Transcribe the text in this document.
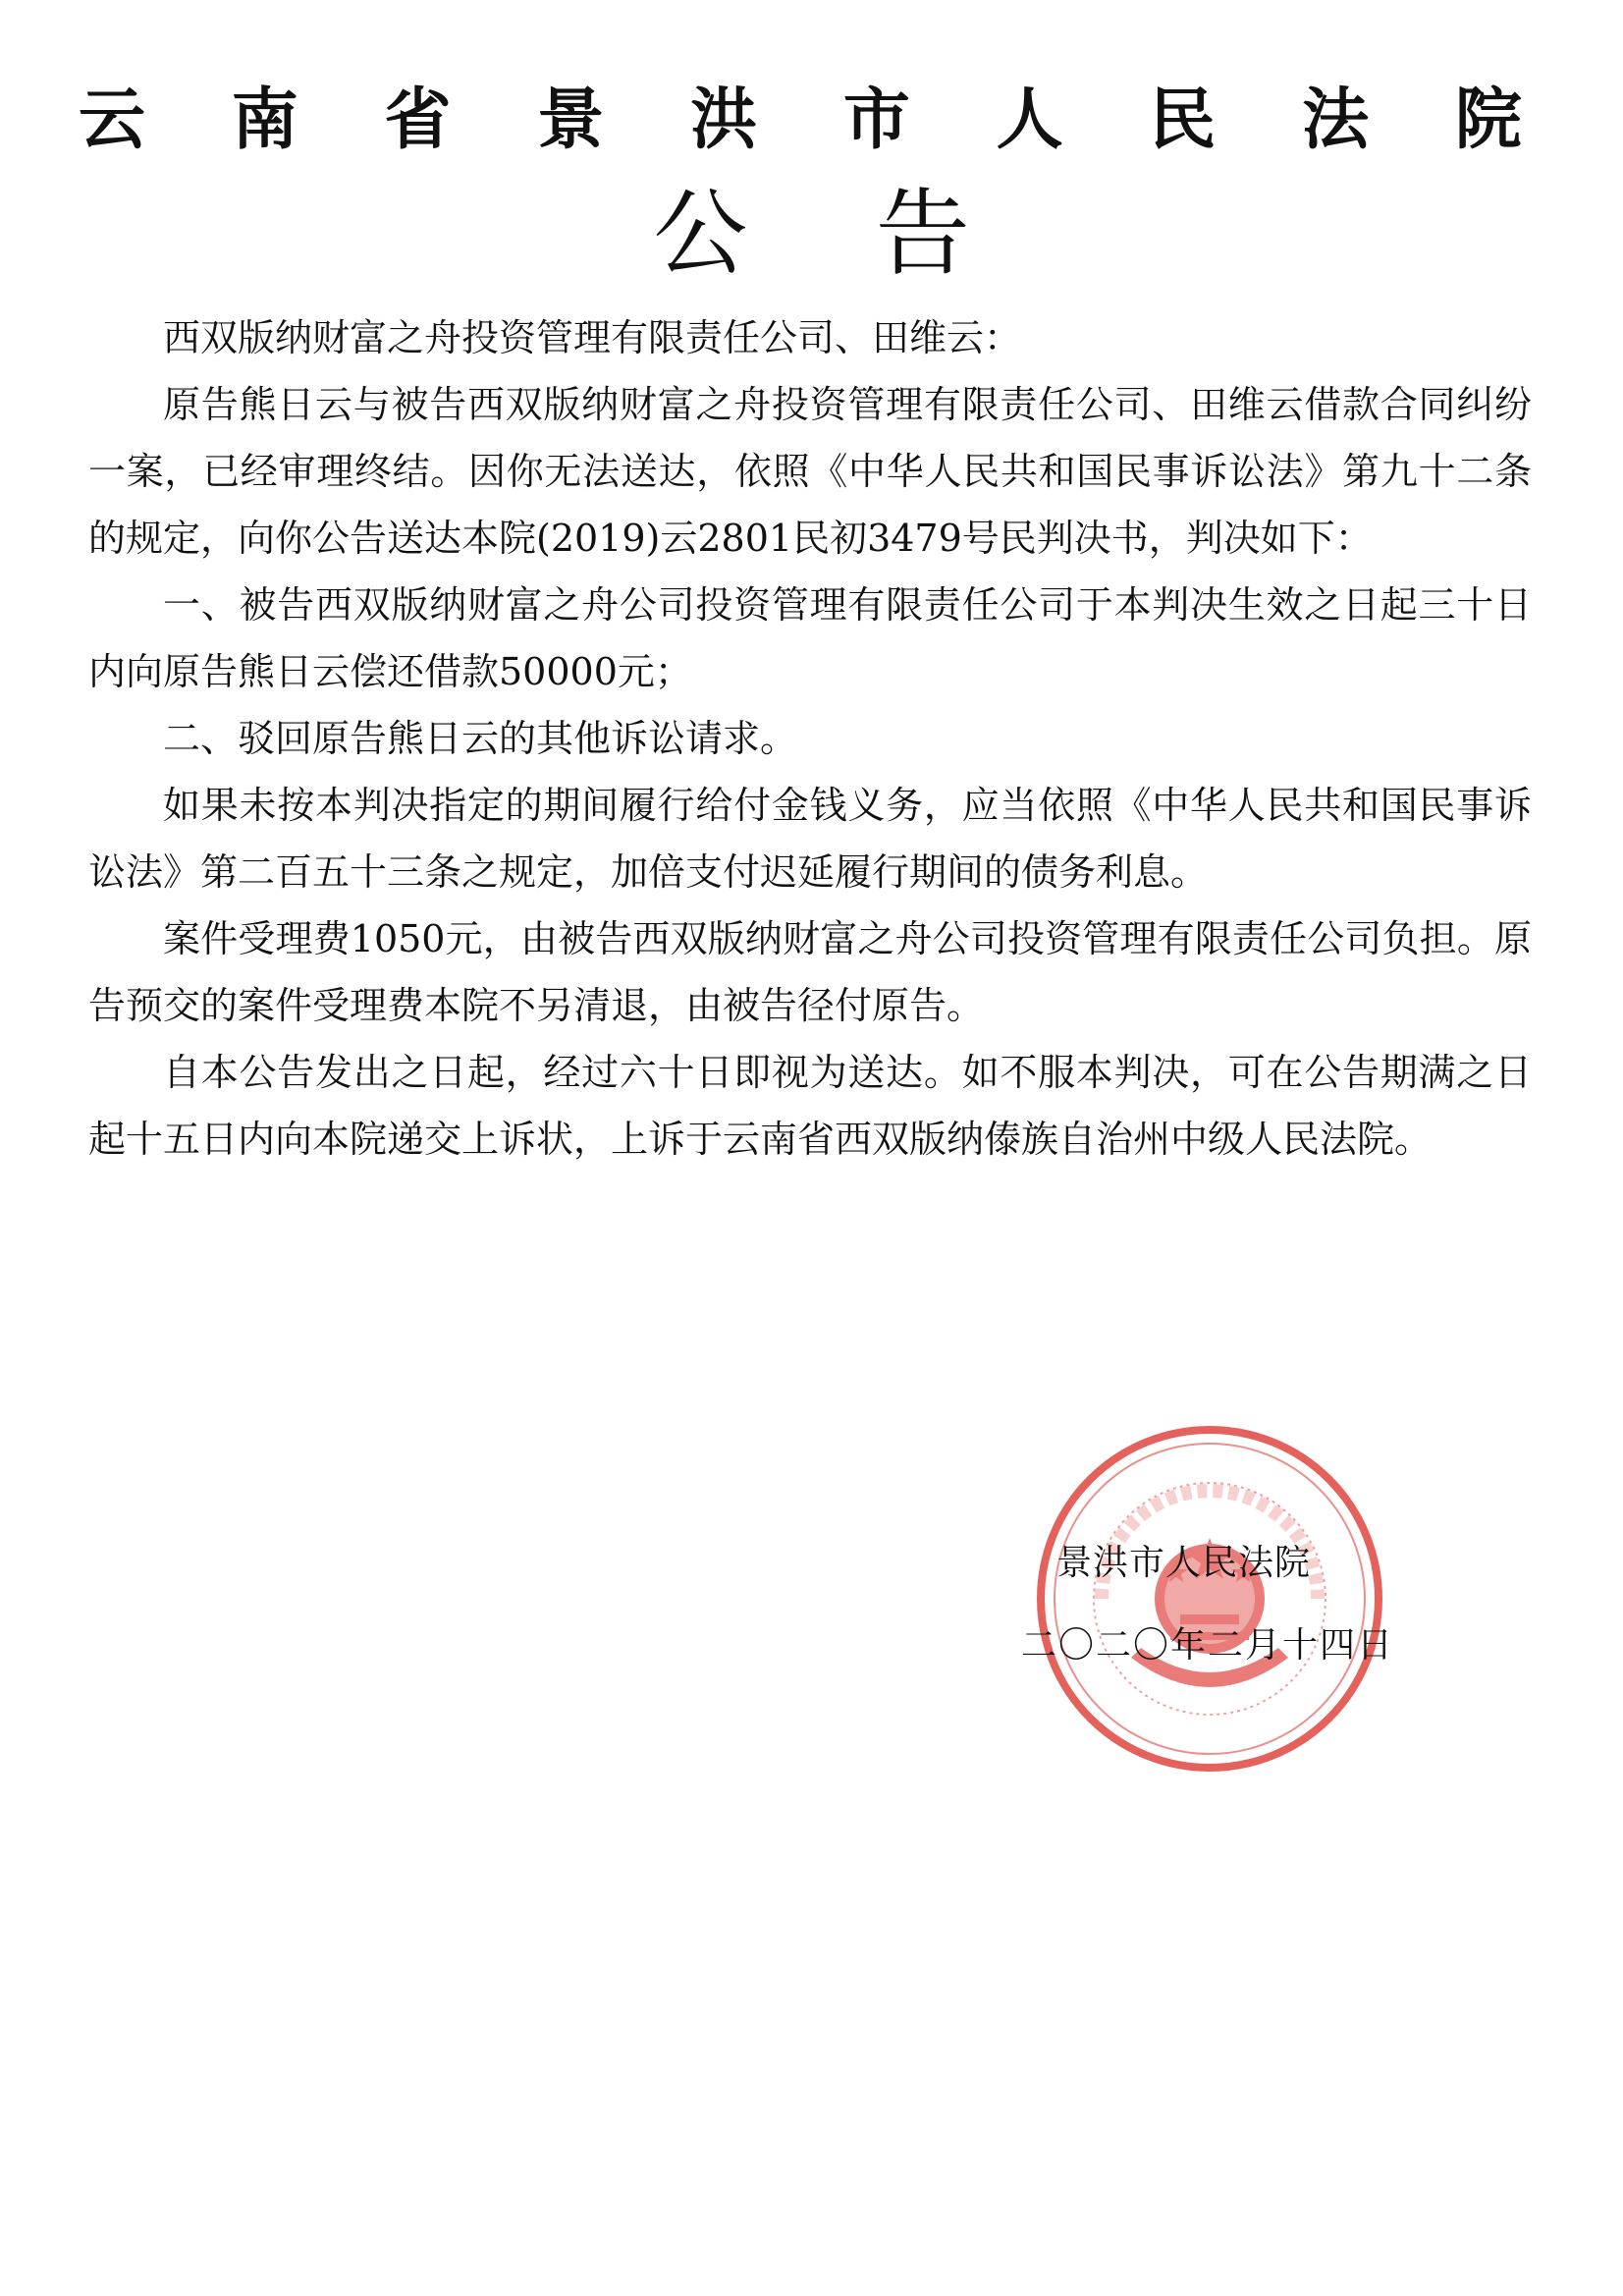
云 南 省 景 洪 市 人 民 法 院
公 告

西双版纳财富之舟投资管理有限责任公司、田维云：

原告熊日云与被告西双版纳财富之舟投资管理有限责任公司、田维云借款合同纠纷一案，已经审理终结。因你无法送达，依照《中华人民共和国民事诉讼法》第九十二条的规定，向你公告送达本院(2019)云2801民初3479号民判决书，判决如下：

一、被告西双版纳财富之舟公司投资管理有限责任公司于本判决生效之日起三十日内向原告熊日云偿还借款50000元；

二、驳回原告熊日云的其他诉讼请求。

如果未按本判决指定的期间履行给付金钱义务，应当依照《中华人民共和国民事诉讼法》第二百五十三条之规定，加倍支付迟延履行期间的债务利息。

案件受理费1050元，由被告西双版纳财富之舟公司投资管理有限责任公司负担。原告预交的案件受理费本院不另清退，由被告径付原告。

自本公告发出之日起，经过六十日即视为送达。如不服本判决，可在公告期满之日起十五日内向本院递交上诉状，上诉于云南省西双版纳傣族自治州中级人民法院。

景洪市人民法院
二〇二〇年二月十四日
